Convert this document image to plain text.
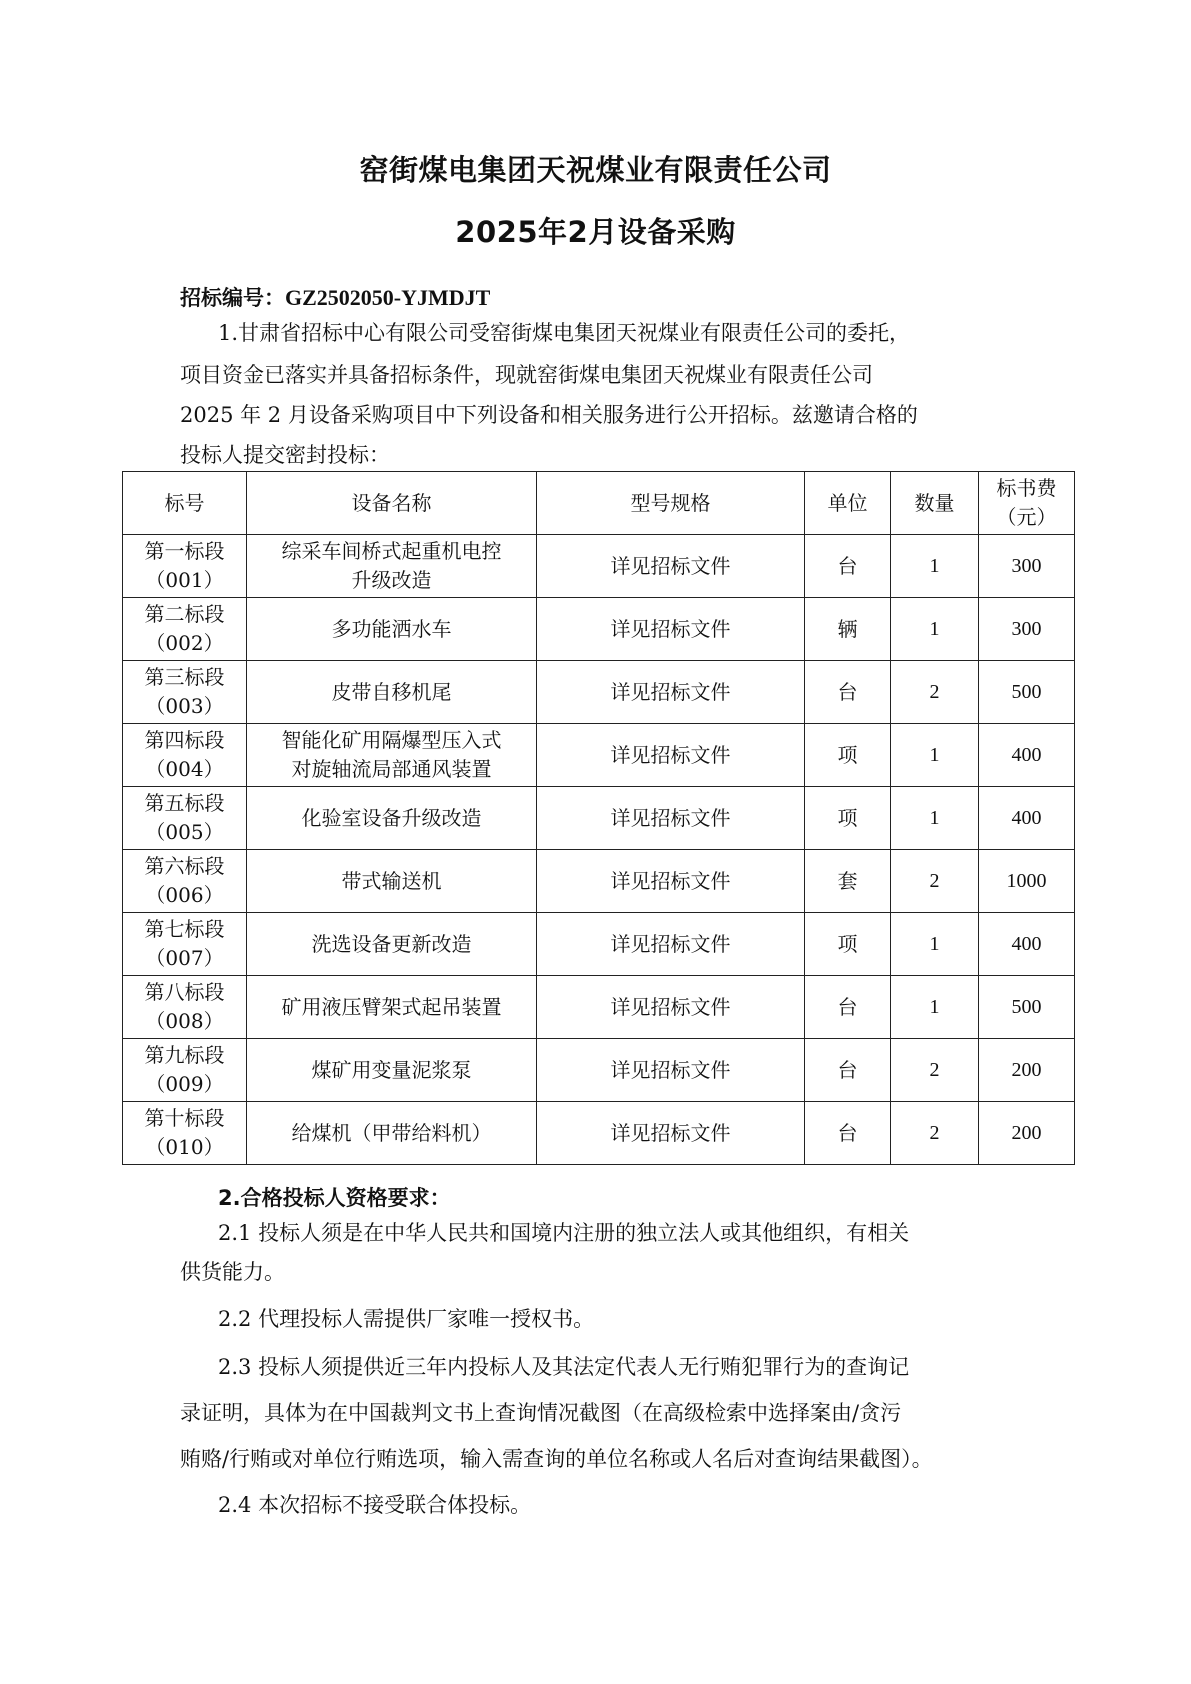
窑街煤电集团天祝煤业有限责任公司
2025年2月设备采购
招标编号：GZ2502050-YJMDJT

1.甘肃省招标中心有限公司受窑街煤电集团天祝煤业有限责任公司的委托，

项目资金已落实并具备招标条件，现就窑街煤电集团天祝煤业有限责任公司

2025 年 2 月设备采购项目中下列设备和相关服务进行公开招标。兹邀请合格的

投标人提交密封投标：

标号	设备名称	型号规格	单位	数量	标书费
（元）
第一标段
（001）	综采车间桥式起重机电控
升级改造	详见招标文件	台	1	300
第二标段
（002）	多功能洒水车	详见招标文件	辆	1	300
第三标段
（003）	皮带自移机尾	详见招标文件	台	2	500
第四标段
（004）	智能化矿用隔爆型压入式
对旋轴流局部通风装置	详见招标文件	项	1	400
第五标段
（005）	化验室设备升级改造	详见招标文件	项	1	400
第六标段
（006）	带式输送机	详见招标文件	套	2	1000
第七标段
（007）	洗选设备更新改造	详见招标文件	项	1	400
第八标段
（008）	矿用液压臂架式起吊装置	详见招标文件	台	1	500
第九标段
（009）	煤矿用变量泥浆泵	详见招标文件	台	2	200
第十标段
（010）	给煤机（甲带给料机）	详见招标文件	台	2	200
2.合格投标人资格要求：

2.1 投标人须是在中华人民共和国境内注册的独立法人或其他组织，有相关

供货能力。

2.2 代理投标人需提供厂家唯一授权书。

2.3 投标人须提供近三年内投标人及其法定代表人无行贿犯罪行为的查询记

录证明，具体为在中国裁判文书上查询情况截图（在高级检索中选择案由/贪污

贿赂/行贿或对单位行贿选项，输入需查询的单位名称或人名后对查询结果截图）。

2.4 本次招标不接受联合体投标。
